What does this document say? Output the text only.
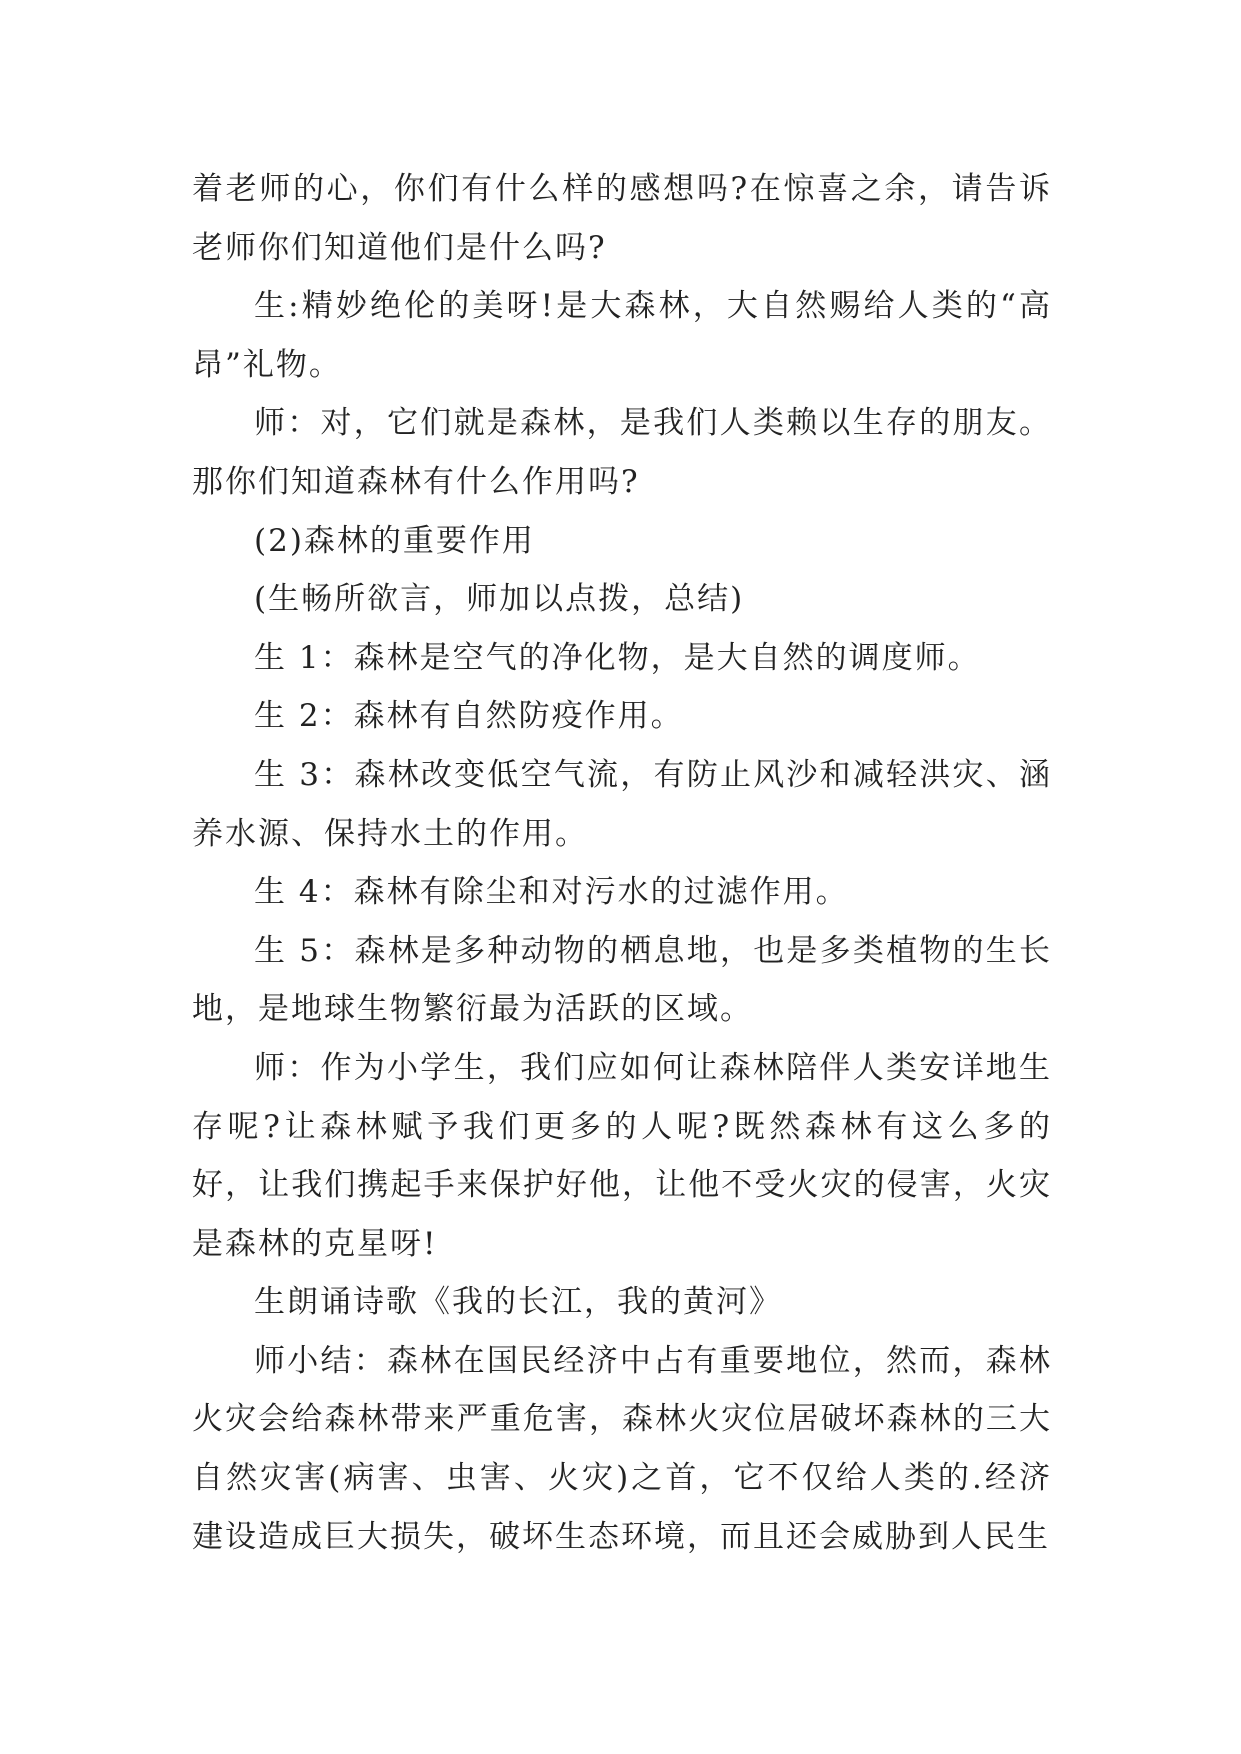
着老师的心，你们有什么样的感想吗?在惊喜之余，请告诉老师你们知道他们是什么吗?

生:精妙绝伦的美呀!是大森林，大自然赐给人类的“高昂”礼物。

师：对，它们就是森林，是我们人类赖以生存的朋友。那你们知道森林有什么作用吗?

(2)森林的重要作用

(生畅所欲言，师加以点拨，总结)

生 1：森林是空气的净化物，是大自然的调度师。

生 2：森林有自然防疫作用。

生 3：森林改变低空气流，有防止风沙和减轻洪灾、涵养水源、保持水土的作用。

生 4：森林有除尘和对污水的过滤作用。

生 5：森林是多种动物的栖息地，也是多类植物的生长地，是地球生物繁衍最为活跃的区域。

师：作为小学生，我们应如何让森林陪伴人类安详地生存呢?让森林赋予我们更多的人呢?既然森林有这么多的好，让我们携起手来保护好他，让他不受火灾的侵害，火灾是森林的克星呀!

生朗诵诗歌《我的长江，我的黄河》

师小结：森林在国民经济中占有重要地位，然而，森林火灾会给森林带来严重危害，森林火灾位居破坏森林的三大自然灾害(病害、虫害、火灾)之首，它不仅给人类的.经济建设造成巨大损失，破坏生态环境，而且还会威胁到人民生
